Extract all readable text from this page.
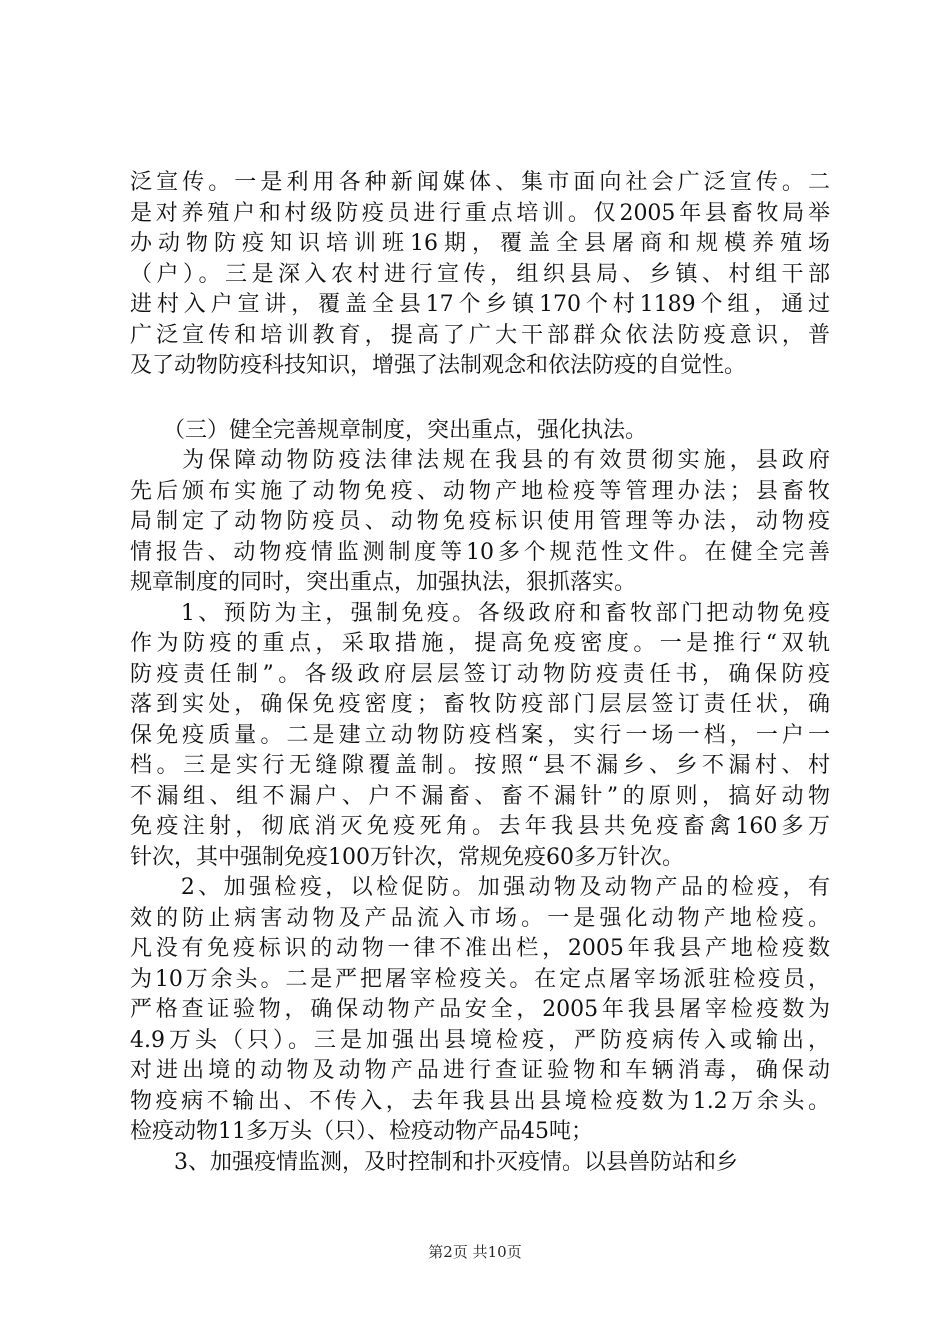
泛宣传。一是利用各种新闻媒体、集市面向社会广泛宣传。二
是对养殖户和村级防疫员进行重点培训。仅2005年县畜牧局举
办动物防疫知识培训班16期，覆盖全县屠商和规模养殖场
（户）。三是深入农村进行宣传，组织县局、乡镇、村组干部
进村入户宣讲，覆盖全县17个乡镇170个村1189个组，通过
广泛宣传和培训教育，提高了广大干部群众依法防疫意识，普
及了动物防疫科技知识，增强了法制观念和依法防疫的自觉性。
　　（三）健全完善规章制度，突出重点，强化执法。
　　为保障动物防疫法律法规在我县的有效贯彻实施，县政府
先后颁布实施了动物免疫、动物产地检疫等管理办法；县畜牧
局制定了动物防疫员、动物免疫标识使用管理等办法，动物疫
情报告、动物疫情监测制度等10多个规范性文件。在健全完善
规章制度的同时，突出重点，加强执法，狠抓落实。
　　1、预防为主，强制免疫。各级政府和畜牧部门把动物免疫
作为防疫的重点，采取措施，提高免疫密度。一是推行“双轨
防疫责任制”。各级政府层层签订动物防疫责任书，确保防疫
落到实处，确保免疫密度；畜牧防疫部门层层签订责任状，确
保免疫质量。二是建立动物防疫档案，实行一场一档，一户一
档。三是实行无缝隙覆盖制。按照“县不漏乡、乡不漏村、村
不漏组、组不漏户、户不漏畜、畜不漏针”的原则，搞好动物
免疫注射，彻底消灭免疫死角。去年我县共免疫畜禽160多万
针次，其中强制免疫100万针次，常规免疫60多万针次。
　　2、加强检疫，以检促防。加强动物及动物产品的检疫，有
效的防止病害动物及产品流入市场。一是强化动物产地检疫。
凡没有免疫标识的动物一律不准出栏，2005年我县产地检疫数
为10万余头。二是严把屠宰检疫关。在定点屠宰场派驻检疫员，
严格查证验物，确保动物产品安全，2005年我县屠宰检疫数为
4.9万头（只）。三是加强出县境检疫，严防疫病传入或输出，
对进出境的动物及动物产品进行查证验物和车辆消毒，确保动
物疫病不输出、不传入，去年我县出县境检疫数为1.2万余头。
检疫动物11多万头（只）、检疫动物产品45吨；
　　3、加强疫情监测，及时控制和扑灭疫情。以县兽防站和乡
第2页 共10页
